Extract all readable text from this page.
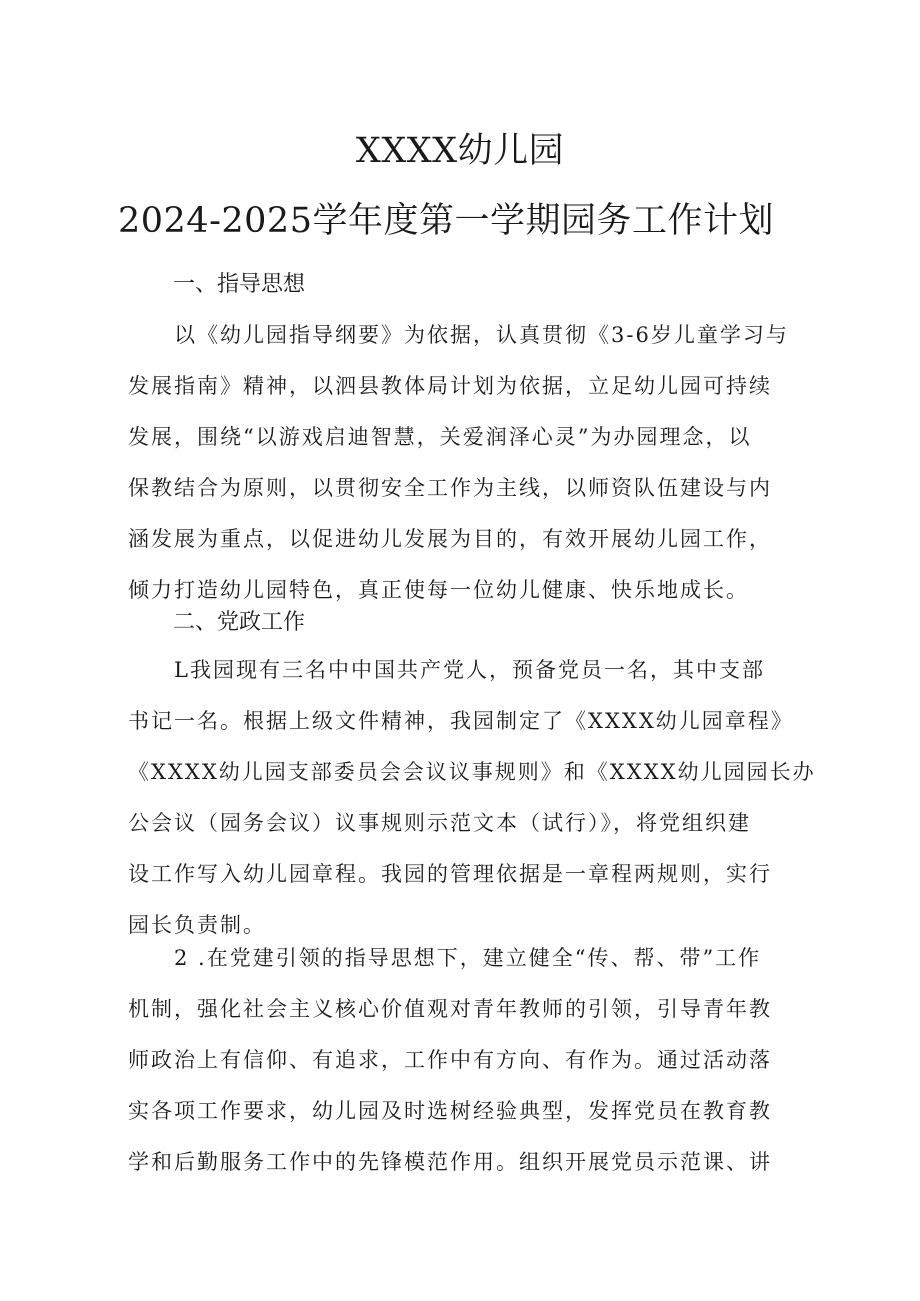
XXXX幼儿园
2024-2025学年度第一学期园务工作计划
一、指导思想
以《幼儿园指导纲要》为依据，认真贯彻《3-6岁儿童学习与
发展指南》精神，以泗县教体局计划为依据，立足幼儿园可持续
发展，围绕“以游戏启迪智慧，关爱润泽心灵”为办园理念，以
保教结合为原则，以贯彻安全工作为主线，以师资队伍建设与内
涵发展为重点，以促进幼儿发展为目的，有效开展幼儿园工作，
倾力打造幼儿园特色，真正使每一位幼儿健康、快乐地成长。
二、党政工作
L我园现有三名中中国共产党人，预备党员一名，其中支部
书记一名。根据上级文件精神，我园制定了《XXXX幼儿园章程》
《XXXX幼儿园支部委员会会议议事规则》和《XXXX幼儿园园长办
公会议（园务会议）议事规则示范文本（试行）》，将党组织建
设工作写入幼儿园章程。我园的管理依据是一章程两规则，实行
园长负责制。
2 .在党建引领的指导思想下，建立健全“传、帮、带”工作
机制，强化社会主义核心价值观对青年教师的引领，引导青年教
师政治上有信仰、有追求，工作中有方向、有作为。通过活动落
实各项工作要求，幼儿园及时选树经验典型，发挥党员在教育教
学和后勤服务工作中的先锋模范作用。组织开展党员示范课、讲
